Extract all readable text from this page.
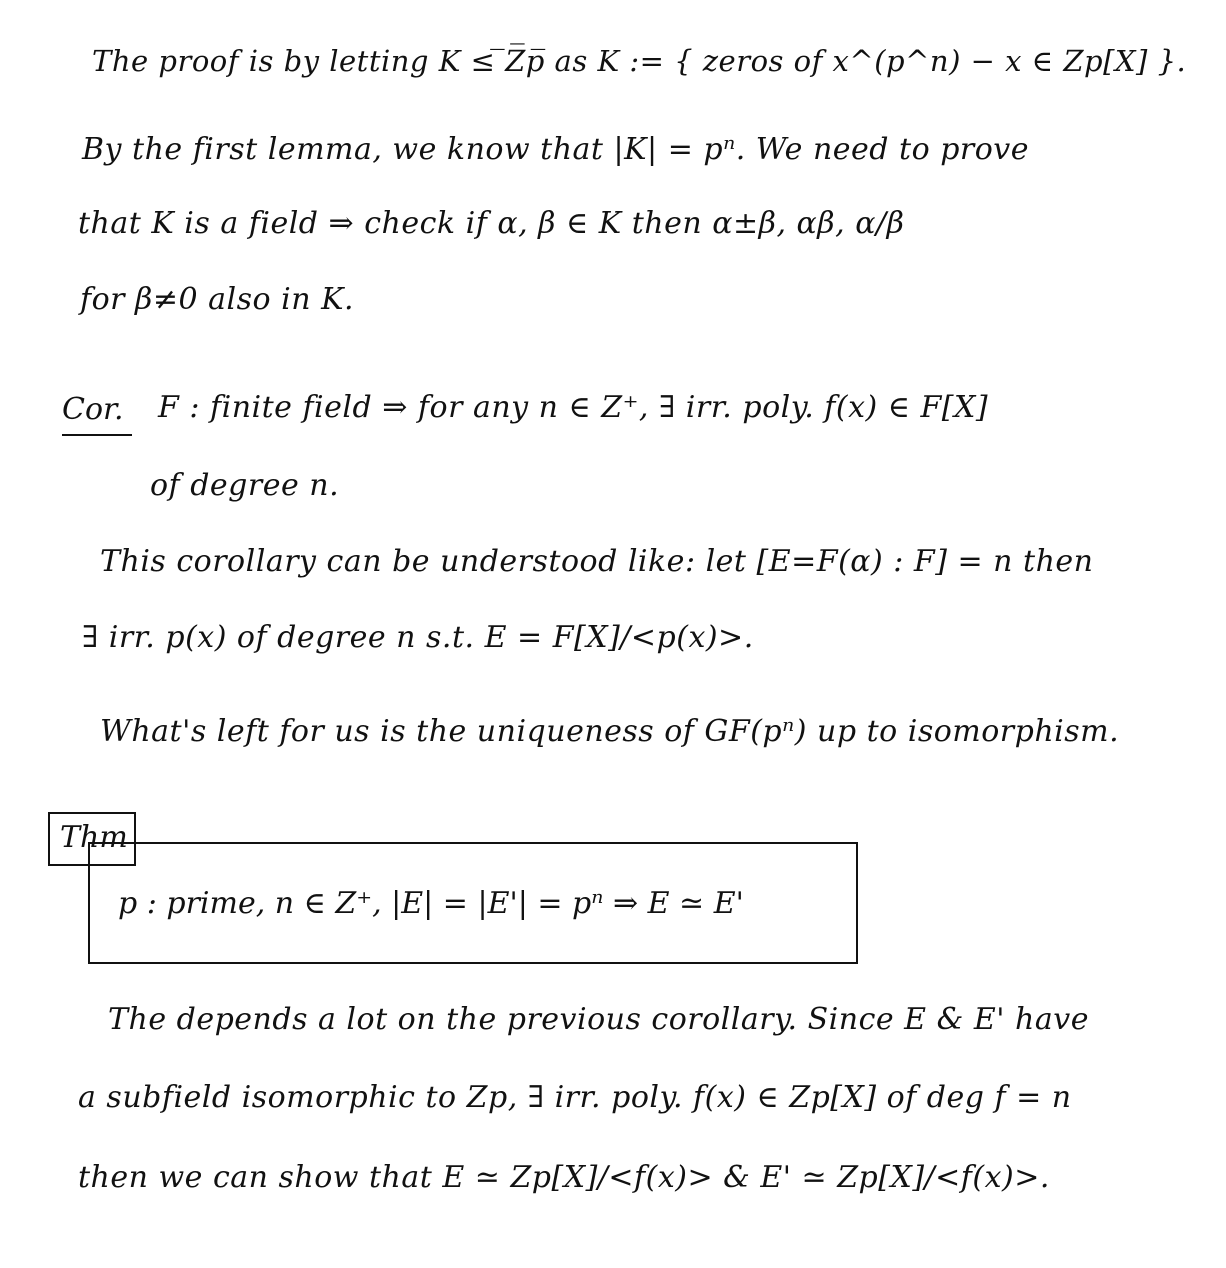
The proof is by letting K ≤ ̅Z̅p̅ as K := { zeros of x^(p^n) − x ∈ Zp[X] }.
By the first lemma, we know that |K| = pⁿ. We need to prove
that K is a field ⇒ check if α, β ∈ K then α±β, αβ, α/β
for β≠0 also in K.
Cor. F : finite field ⇒ for any n ∈ Z⁺, ∃ irr. poly. f(x) ∈ F[X]
of degree n.
This corollary can be understood like: let [E=F(α) : F] = n then
∃ irr. p(x) of degree n s.t. E = F[X]/<p(x)>.
What's left for us is the uniqueness of GF(pⁿ) up to isomorphism.
Thm
p : prime, n ∈ Z⁺, |E| = |E'| = pⁿ ⇒ E ≃ E'
The depends a lot on the previous corollary. Since E & E' have
a subfield isomorphic to Zp, ∃ irr. poly. f(x) ∈ Zp[X] of deg f = n
then we can show that E ≃ Zp[X]/<f(x)> & E' ≃ Zp[X]/<f(x)>.
